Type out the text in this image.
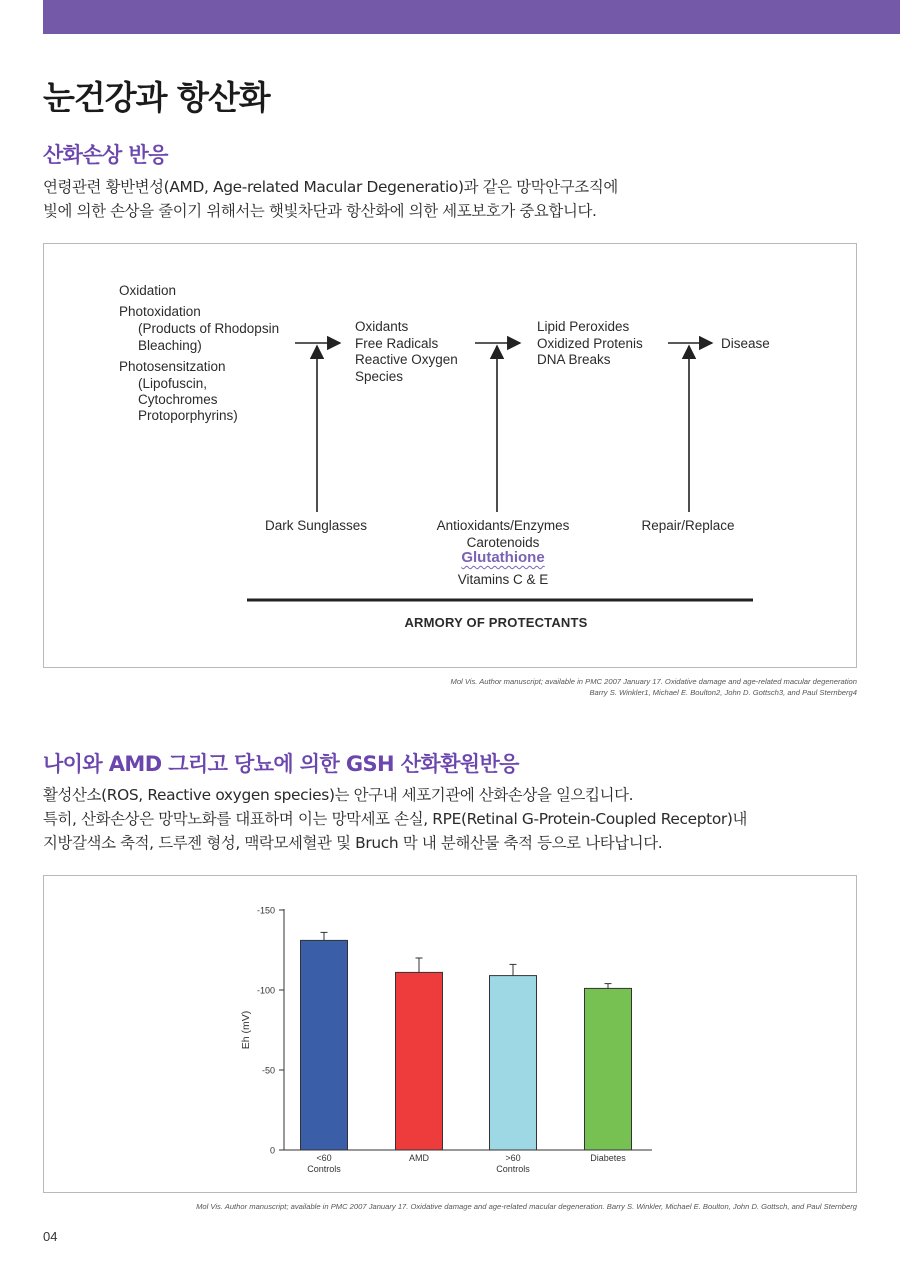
눈건강과 항산화
산화손상 반응
연령관련 황반변성(AMD, Age-related Macular Degeneratio)과 같은 망막안구조직에
빛에 의한 손상을 줄이기 위해서는 햇빛차단과 항산화에 의한 세포보호가 중요합니다.
Oxidation
Photoxidation
(Products of Rhodopsin
Bleaching)
Photosensitzation
(Lipofuscin,
Cytochromes
Protoporphyrins)
Oxidants
Free Radicals
Reactive Oxygen
Species
Lipid Peroxides
Oxidized Protenis
DNA Breaks
Disease
Dark Sunglasses	Antioxidants/Enzymes
Carotenoids
Vitamins C & E
Repair/Replace
Glutathione
ARMORY OF PROTECTANTS
Mol Vis. Author manuscript; available in PMC 2007 January 17. Oxidative damage and age-related macular degeneration
Barry S. Winkler1, Michael E. Boulton2, John D. Gottsch3, and Paul Sternberg4
나이와 AMD 그리고 당뇨에 의한 GSH 산화환원반응
활성산소(ROS, Reactive oxygen species)는 안구내 세포기관에 산화손상을 일으킵니다.
특히, 산화손상은 망막노화를 대표하며 이는 망막세포 손실, RPE(Retinal G-Protein-Coupled Receptor)내
지방갈색소 축적, 드루젠 형성, 맥락모세혈관 및 Bruch 막 내 분해산물 축적 등으로 나타납니다.
0
-50
-100
-150
Eh (mV)
<60
Controls
AMD	>60
Controls
Diabetes
Mol Vis. Author manuscript; available in PMC 2007 January 17. Oxidative damage and age-related macular degeneration. Barry S. Winkler, Michael E. Boulton, John D. Gottsch, and Paul Sternberg
04
